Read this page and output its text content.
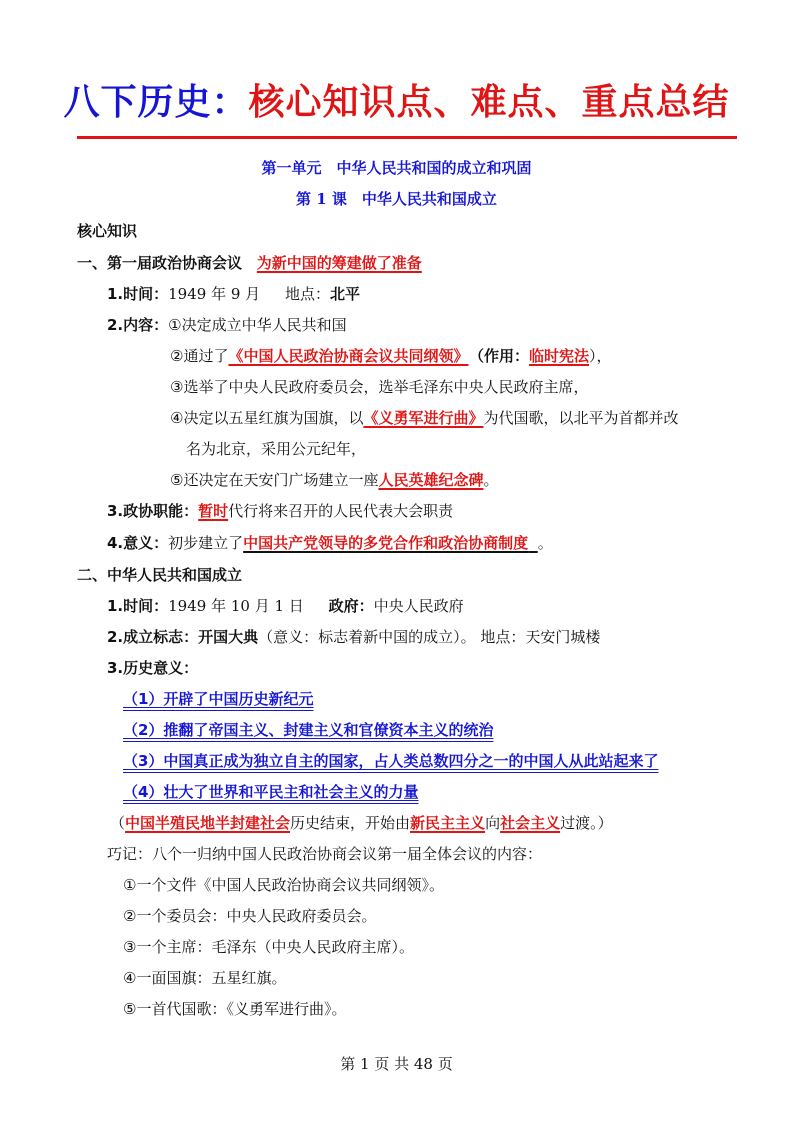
八下历史：核心知识点、难点、重点总结
第一单元　中华人民共和国的成立和巩固
第 1 课　中华人民共和国成立
核心知识
一、第一届政治协商会议 为新中国的筹建做了准备
1.时间：1949 年 9 月 地点：北平
2.内容：①决定成立中华人民共和国
②通过了《中国人民政治协商会议共同纲领》 （作用：临时宪法），
③选举了中央人民政府委员会，选举毛泽东中央人民政府主席，
④决定以五星红旗为国旗，以《义勇军进行曲》为代国歌，以北平为首都并改
名为北京，采用公元纪年，
⑤还决定在天安门广场建立一座人民英雄纪念碑。
3.政协职能：暂时代行将来召开的人民代表大会职责
4.意义：初步建立了中国共产党领导的多党合作和政治协商制度 。
二、中华人民共和国成立
1.时间：1949 年 10 月 1 日 政府：中央人民政府
2.成立标志：开国大典（意义：标志着新中国的成立）。 地点：天安门城楼
3.历史意义：
（1）开辟了中国历史新纪元
（2）推翻了帝国主义、封建主义和官僚资本主义的统治
（3）中国真正成为独立自主的国家，占人类总数四分之一的中国人从此站起来了
（4）壮大了世界和平民主和社会主义的力量
（中国半殖民地半封建社会历史结束，开始由新民主主义向社会主义过渡。）
巧记：八个一归纳中国人民政治协商会议第一届全体会议的内容：
①一个文件《中国人民政治协商会议共同纲领》。
②一个委员会：中央人民政府委员会。
③一个主席：毛泽东（中央人民政府主席）。
④一面国旗：五星红旗。
⑤一首代国歌：《义勇军进行曲》。
第 1 页 共 48 页
